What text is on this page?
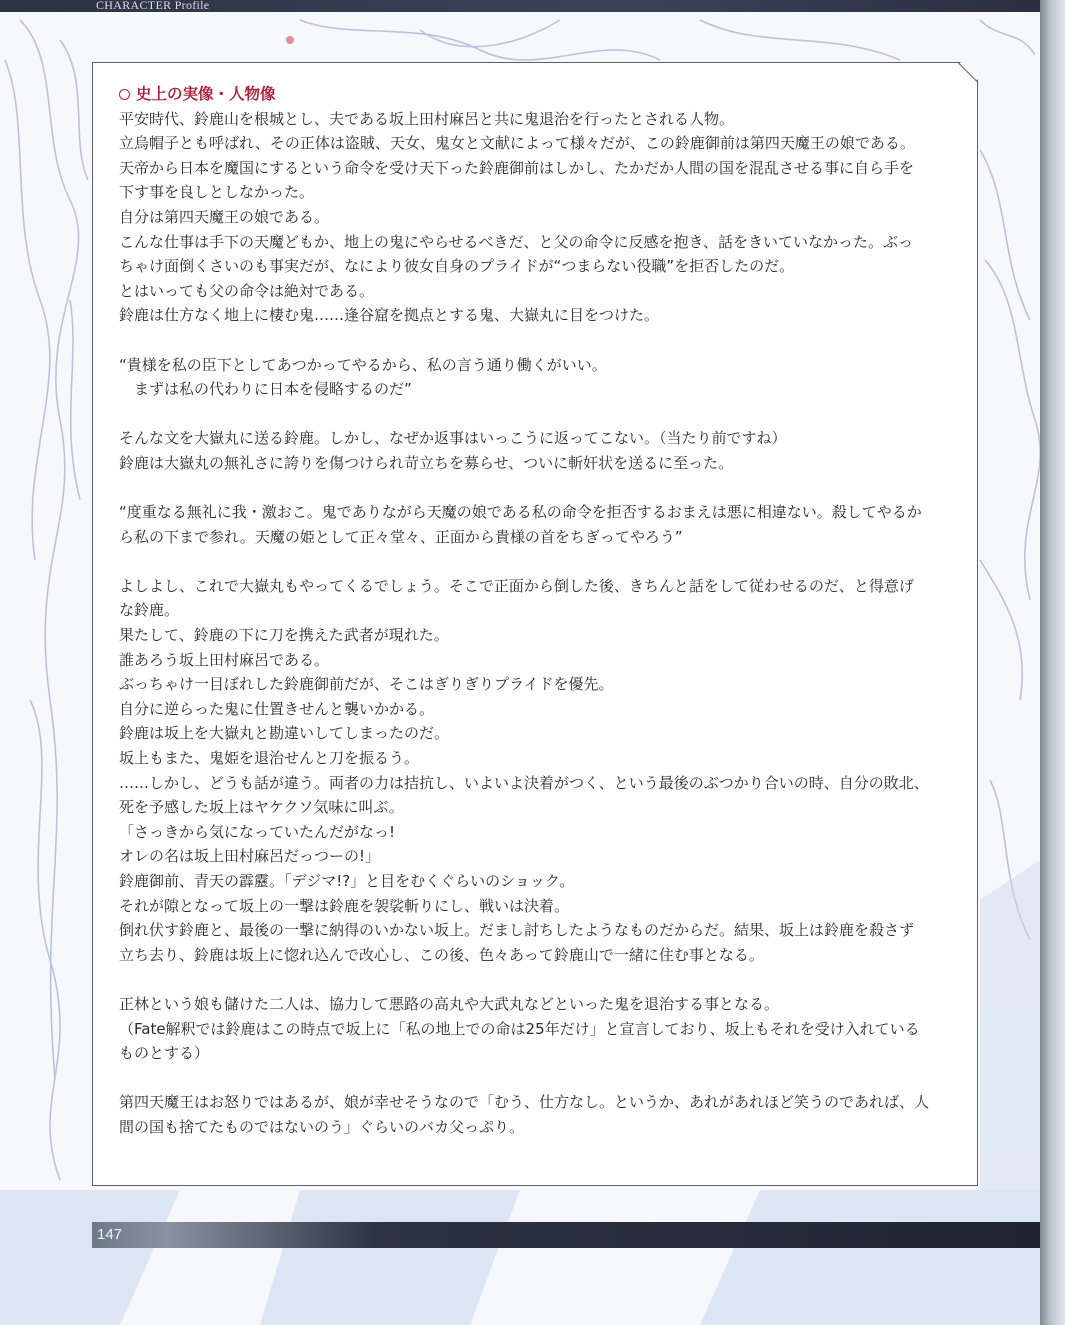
CHARACTER Profile
史上の実像・人物像
平安時代、鈴鹿山を根城とし、夫である坂上田村麻呂と共に鬼退治を行ったとされる人物。
立烏帽子とも呼ばれ、その正体は盗賊、天女、鬼女と文献によって様々だが、この鈴鹿御前は第四天魔王の娘である。
天帝から日本を魔国にするという命令を受け天下った鈴鹿御前はしかし、たかだか人間の国を混乱させる事に自ら手を
下す事を良しとしなかった。
自分は第四天魔王の娘である。
こんな仕事は手下の天魔どもか、地上の鬼にやらせるべきだ、と父の命令に反感を抱き、話をきいていなかった。ぶっ
ちゃけ面倒くさいのも事実だが、なにより彼女自身のプライドが“つまらない役職”を拒否したのだ。
とはいっても父の命令は絶対である。
鈴鹿は仕方なく地上に棲む鬼……逢谷窟を拠点とする鬼、大嶽丸に目をつけた。
“貴様を私の臣下としてあつかってやるから、私の言う通り働くがいい。
　まずは私の代わりに日本を侵略するのだ”
そんな文を大嶽丸に送る鈴鹿。しかし、なぜか返事はいっこうに返ってこない。（当たり前ですね）
鈴鹿は大嶽丸の無礼さに誇りを傷つけられ苛立ちを募らせ、ついに斬奸状を送るに至った。
“度重なる無礼に我・激おこ。鬼でありながら天魔の娘である私の命令を拒否するおまえは悪に相違ない。殺してやるか
ら私の下まで参れ。天魔の姫として正々堂々、正面から貴様の首をちぎってやろう”
よしよし、これで大嶽丸もやってくるでしょう。そこで正面から倒した後、きちんと話をして従わせるのだ、と得意げ
な鈴鹿。
果たして、鈴鹿の下に刀を携えた武者が現れた。
誰あろう坂上田村麻呂である。
ぶっちゃけ一目ぼれした鈴鹿御前だが、そこはぎりぎりプライドを優先。
自分に逆らった鬼に仕置きせんと襲いかかる。
鈴鹿は坂上を大嶽丸と勘違いしてしまったのだ。
坂上もまた、鬼姫を退治せんと刀を振るう。
……しかし、どうも話が違う。両者の力は拮抗し、いよいよ決着がつく、という最後のぶつかり合いの時、自分の敗北、
死を予感した坂上はヤケクソ気味に叫ぶ。
「さっきから気になっていたんだがなっ!
オレの名は坂上田村麻呂だっつーの!」
鈴鹿御前、青天の霹靂。「デジマ!?」と目をむくぐらいのショック。
それが隙となって坂上の一撃は鈴鹿を袈裟斬りにし、戦いは決着。
倒れ伏す鈴鹿と、最後の一撃に納得のいかない坂上。だまし討ちしたようなものだからだ。結果、坂上は鈴鹿を殺さず
立ち去り、鈴鹿は坂上に惚れ込んで改心し、この後、色々あって鈴鹿山で一緒に住む事となる。
正林という娘も儲けた二人は、協力して悪路の高丸や大武丸などといった鬼を退治する事となる。
（Fate解釈では鈴鹿はこの時点で坂上に「私の地上での命は25年だけ」と宣言しており、坂上もそれを受け入れている
ものとする）
第四天魔王はお怒りではあるが、娘が幸せそうなので「むう、仕方なし。というか、あれがあれほど笑うのであれば、人
間の国も捨てたものではないのう」ぐらいのバカ父っぷり。
147
